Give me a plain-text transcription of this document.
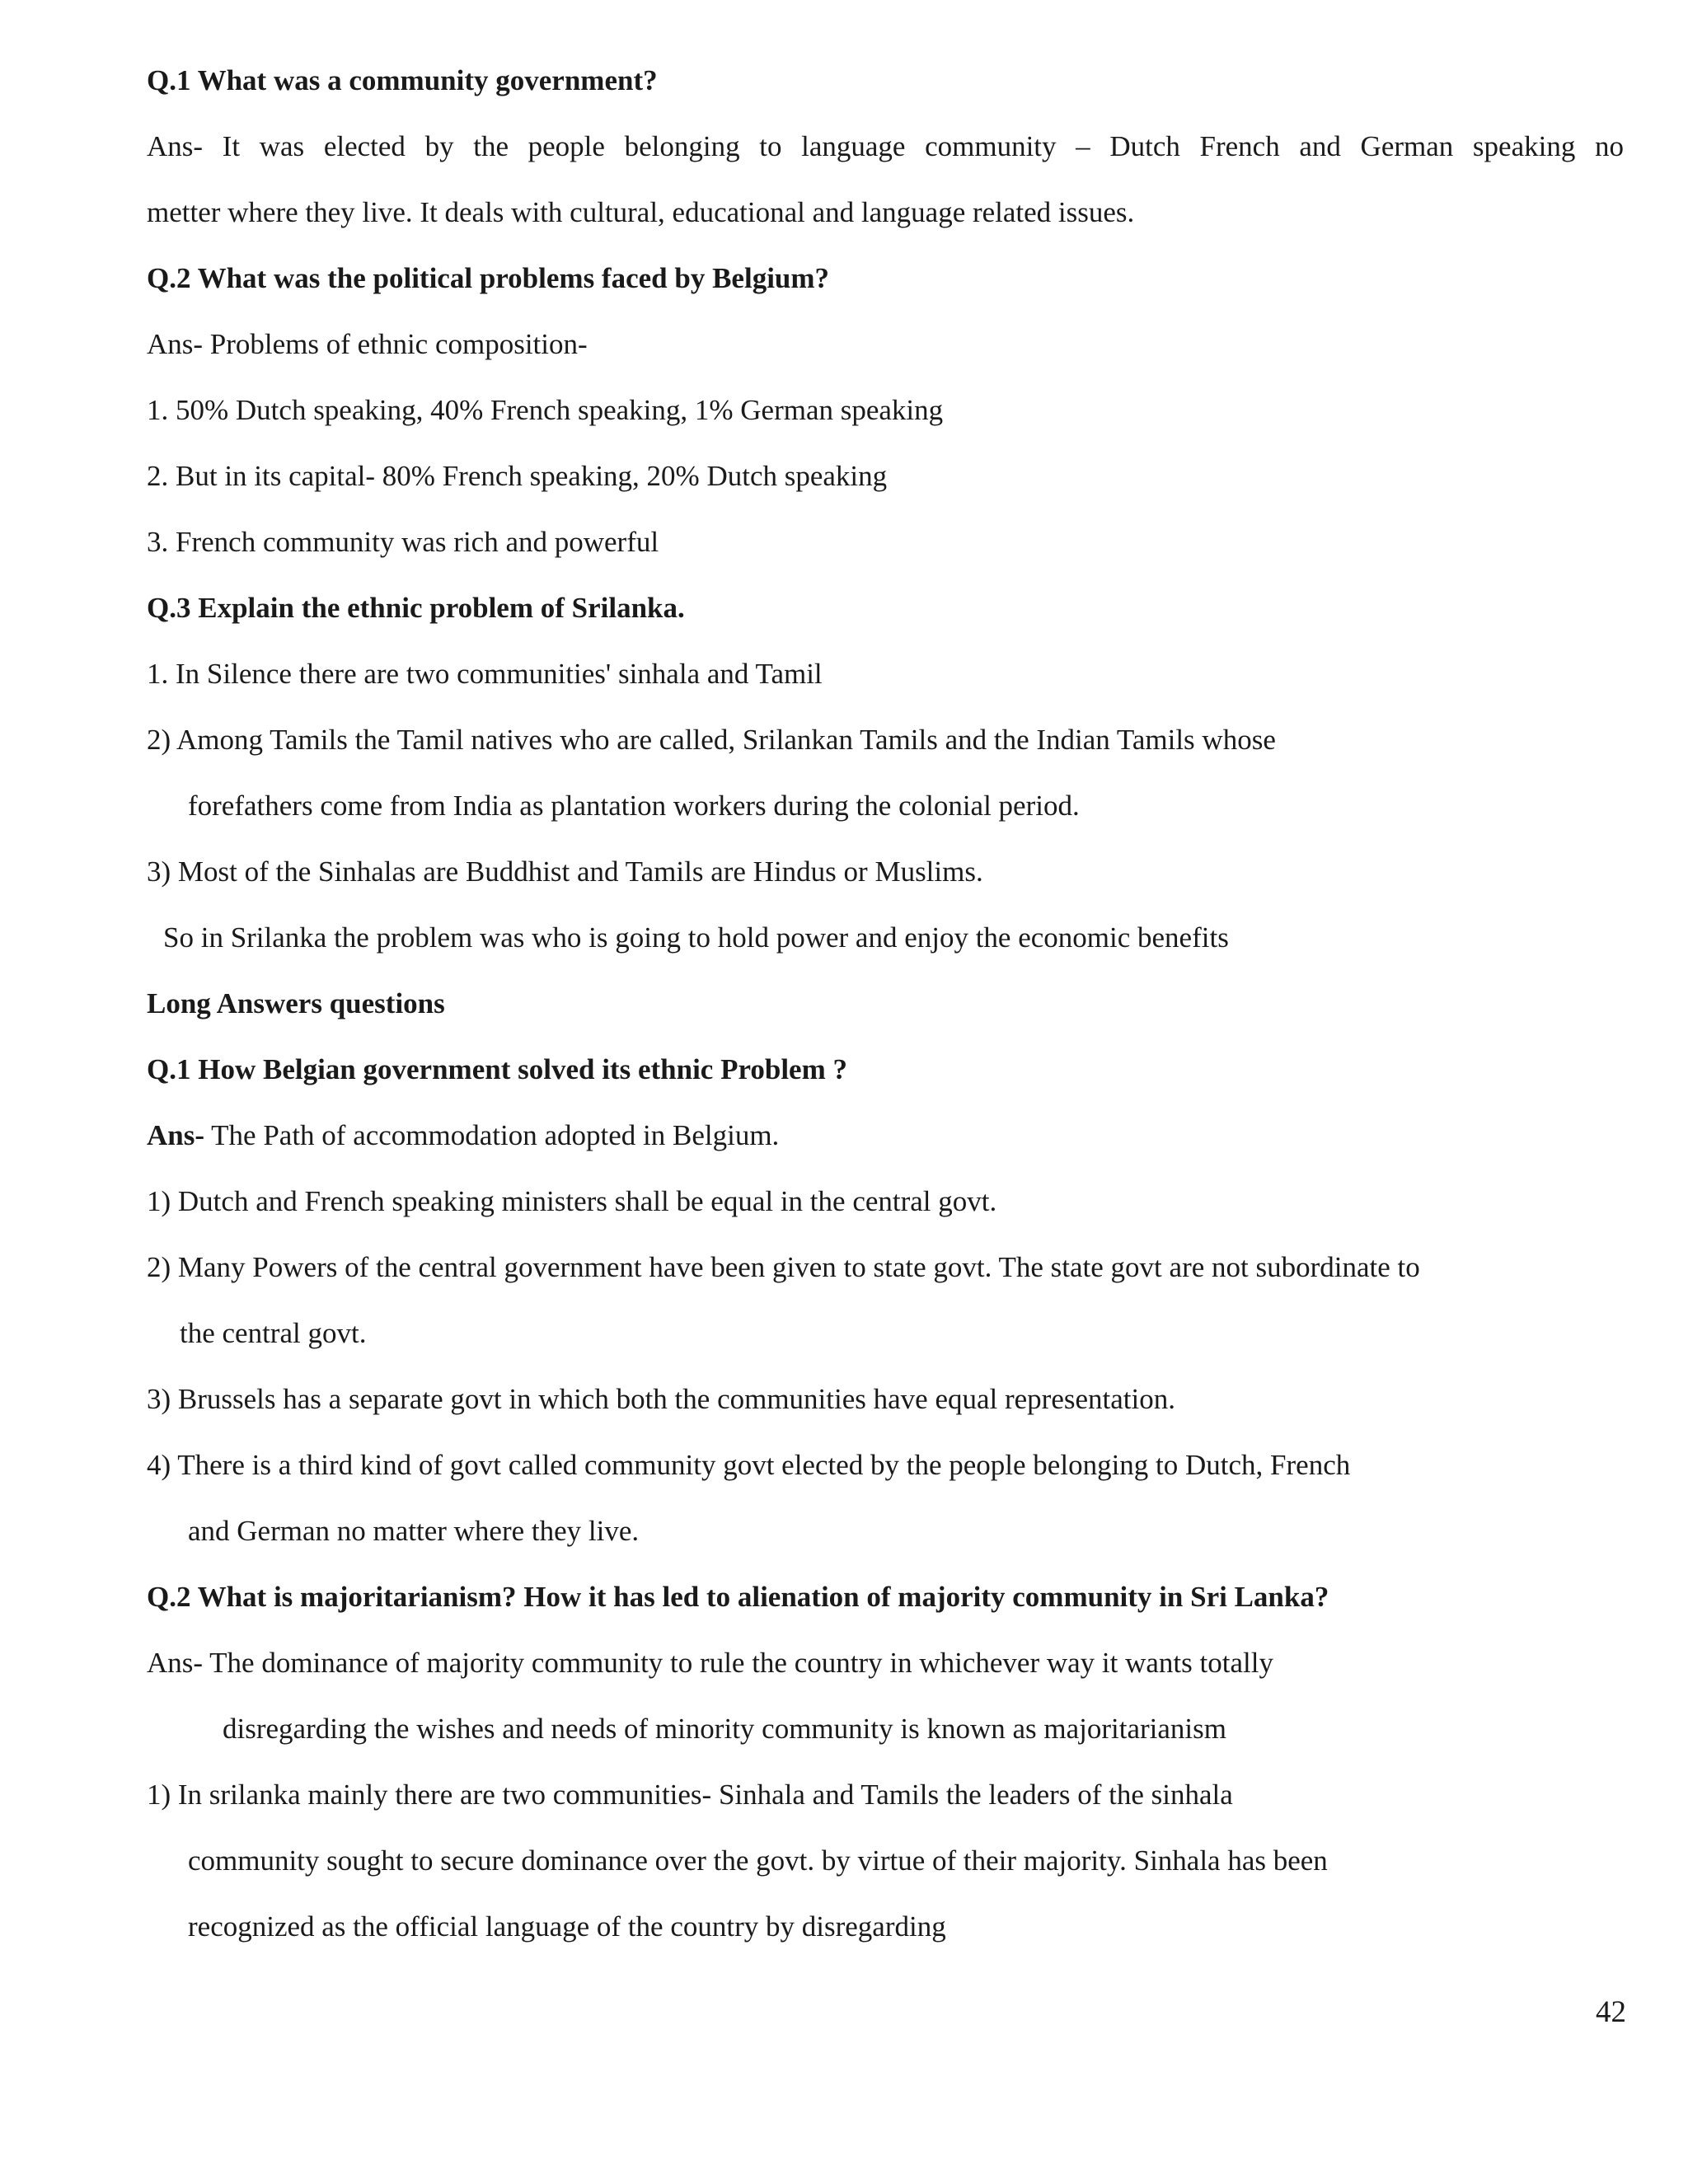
Q.1 What was a community government?
Ans- It was elected by the people belonging to language community – Dutch French and German speaking no
metter where they live. It deals with cultural, educational and language related issues.
Q.2 What was the political problems faced by Belgium?
Ans- Problems of ethnic composition-
1. 50% Dutch speaking, 40% French speaking, 1% German speaking
2. But in its capital- 80% French speaking, 20% Dutch speaking
3. French community was rich and powerful
Q.3 Explain the ethnic problem of Srilanka.
1. In Silence there are two communities' sinhala and Tamil
2) Among Tamils the Tamil natives who are called, Srilankan Tamils and the Indian Tamils whose
forefathers come from India as plantation workers during the colonial period.
3) Most of the Sinhalas are Buddhist and Tamils are Hindus or Muslims.
So in Srilanka the problem was who is going to hold power and enjoy the economic benefits
Long Answers questions
Q.1 How Belgian government solved its ethnic Problem ?
Ans- The Path of accommodation adopted in Belgium.
1) Dutch and French speaking ministers shall be equal in the central govt.
2) Many Powers of the central government have been given to state govt. The state govt are not subordinate to
the central govt.
3) Brussels has a separate govt in which both the communities have equal representation.
4) There is a third kind of govt called community govt elected by the people belonging to Dutch, French
and German no matter where they live.
Q.2 What is majoritarianism? How it has led to alienation of majority community in Sri Lanka?
Ans- The dominance of majority community to rule the country in whichever way it wants totally
disregarding the wishes and needs of minority community is known as majoritarianism
1) In srilanka mainly there are two communities- Sinhala and Tamils the leaders of the sinhala
community sought to secure dominance over the govt. by virtue of their majority. Sinhala has been
recognized as the official language of the country by disregarding
42
